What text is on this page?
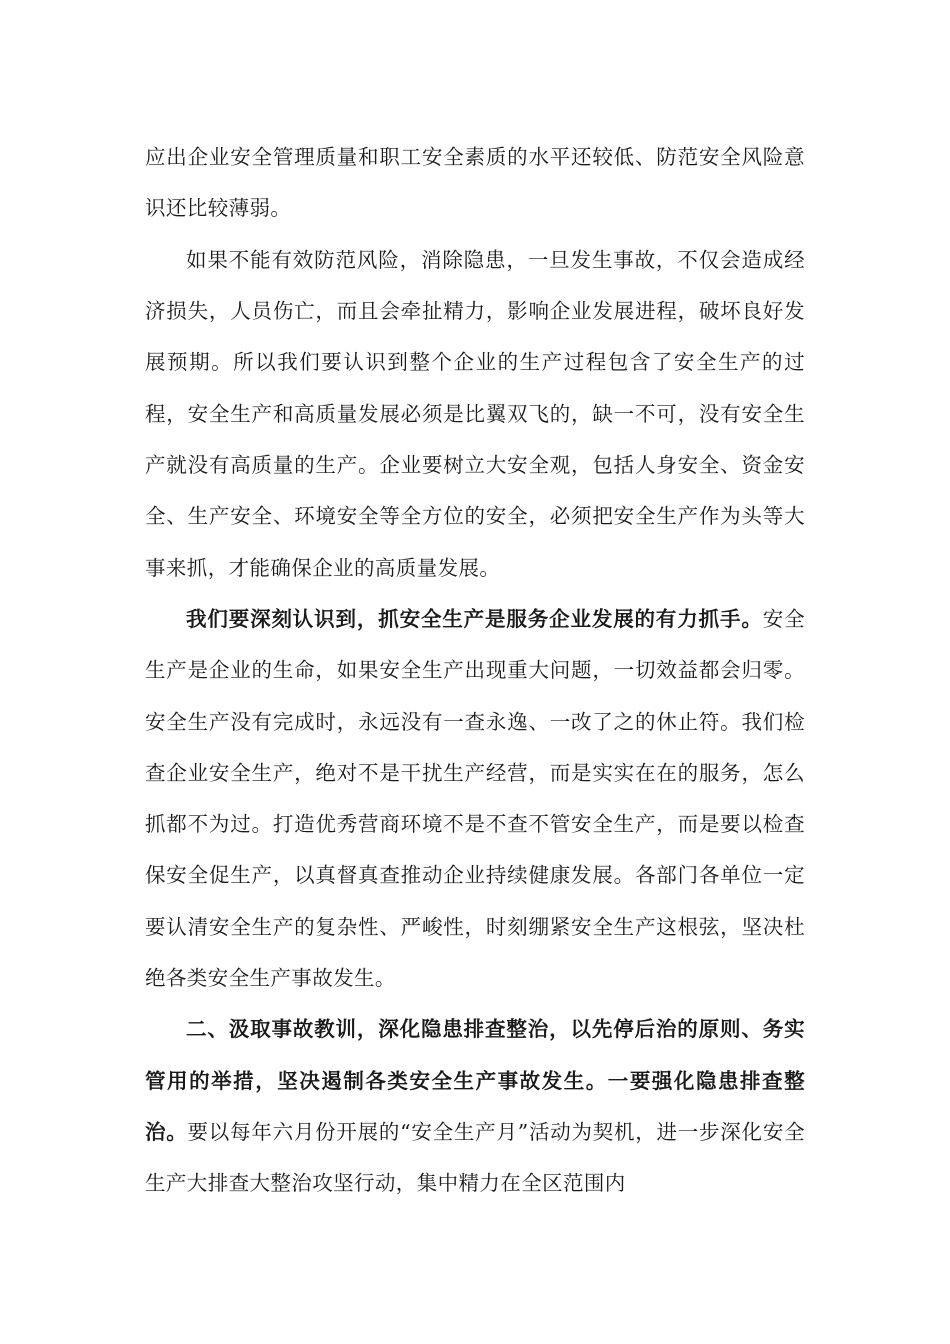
应出企业安全管理质量和职工安全素质的水平还较低、防范安全风险意识还比较薄弱。

如果不能有效防范风险，消除隐患，一旦发生事故，不仅会造成经济损失，人员伤亡，而且会牵扯精力，影响企业发展进程，破坏良好发展预期。所以我们要认识到整个企业的生产过程包含了安全生产的过程，安全生产和高质量发展必须是比翼双飞的，缺一不可，没有安全生产就没有高质量的生产。企业要树立大安全观，包括人身安全、资金安全、生产安全、环境安全等全方位的安全，必须把安全生产作为头等大事来抓，才能确保企业的高质量发展。

我们要深刻认识到，抓安全生产是服务企业发展的有力抓手。安全生产是企业的生命，如果安全生产出现重大问题，一切效益都会归零。安全生产没有完成时，永远没有一查永逸、一改了之的休止符。我们检查企业安全生产，绝对不是干扰生产经营，而是实实在在的服务，怎么抓都不为过。打造优秀营商环境不是不查不管安全生产，而是要以检查保安全促生产，以真督真查推动企业持续健康发展。各部门各单位一定要认清安全生产的复杂性、严峻性，时刻绷紧安全生产这根弦，坚决杜绝各类安全生产事故发生。

二、汲取事故教训，深化隐患排查整治，以先停后治的原则、务实管用的举措，坚决遏制各类安全生产事故发生。一要强化隐患排查整治。要以每年六月份开展的“安全生产月”活动为契机，进一步深化安全生产大排查大整治攻坚行动，集中精力在全区范围内
